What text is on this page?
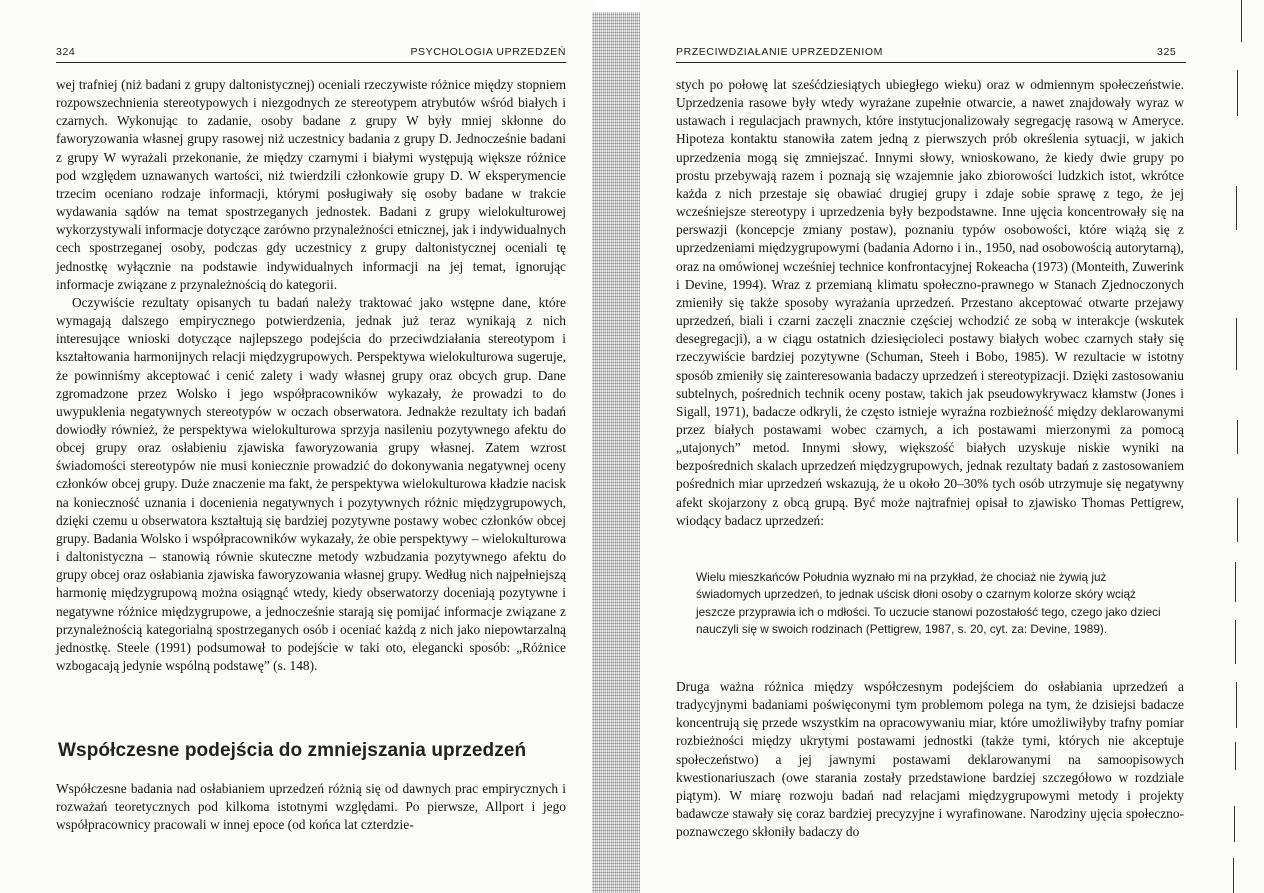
324	PSYCHOLOGIA UPRZEDZEŃ

wej trafniej (niż badani z grupy daltonistycznej) oceniali rzeczywiste różnice między stopniem rozpowszechnienia stereotypowych i niezgodnych ze stereotypem atrybutów wśród białych i czarnych. Wykonując to zadanie, osoby badane z grupy W były mniej skłonne do faworyzowania własnej grupy rasowej niż uczestnicy badania z grupy D. Jednocześnie badani z grupy W wyrażali przekonanie, że między czarnymi i białymi występują większe różnice pod względem uznawanych wartości, niż twierdzili członkowie grupy D. W eksperymencie trzecim oceniano rodzaje informacji, którymi posługiwały się osoby badane w trakcie wydawania sądów na temat spostrzeganych jednostek. Badani z grupy wielokulturowej wykorzystywali informacje dotyczące zarówno przynależności etnicznej, jak i indywidualnych cech spostrzeganej osoby, podczas gdy uczestnicy z grupy daltonistycznej oceniali tę jednostkę wyłącznie na podstawie indywidualnych informacji na jej temat, ignorując informacje związane z przynależnością do kategorii.

Oczywiście rezultaty opisanych tu badań należy traktować jako wstępne dane, które wymagają dalszego empirycznego potwierdzenia, jednak już teraz wynikają z nich interesujące wnioski dotyczące najlepszego podejścia do przeciwdziałania stereotypom i kształtowania harmonijnych relacji międzygrupowych. Perspektywa wielokulturowa sugeruje, że powinniśmy akceptować i cenić zalety i wady własnej grupy oraz obcych grup. Dane zgromadzone przez Wolsko i jego współpracowników wykazały, że prowadzi to do uwypuklenia negatywnych stereotypów w oczach obserwatora. Jednakże rezultaty ich badań dowiodły również, że perspektywa wielokulturowa sprzyja nasileniu pozytywnego afektu do obcej grupy oraz osłabieniu zjawiska faworyzowania grupy własnej. Zatem wzrost świadomości stereotypów nie musi koniecznie prowadzić do dokonywania negatywnej oceny członków obcej grupy. Duże znaczenie ma fakt, że perspektywa wielokulturowa kładzie nacisk na konieczność uznania i docenienia negatywnych i pozytywnych różnic międzygrupowych, dzięki czemu u obserwatora kształtują się bardziej pozytywne postawy wobec członków obcej grupy. Badania Wolsko i współpracowników wykazały, że obie perspektywy – wielokulturowa i daltonistyczna – stanowią równie skuteczne metody wzbudzania pozytywnego afektu do grupy obcej oraz osłabiania zjawiska faworyzowania własnej grupy. Według nich najpełniejszą harmonię międzygrupową można osiągnąć wtedy, kiedy obserwatorzy doceniają pozytywne i negatywne różnice międzygrupowe, a jednocześnie starają się pomijać informacje związane z przynależnością kategorialną spostrzeganych osób i oceniać każdą z nich jako niepowtarzalną jednostkę. Steele (1991) podsumował to podejście w taki oto, elegancki sposób: „Różnice wzbogacają jedynie wspólną podstawę” (s. 148).

Współczesne podejścia do zmniejszania uprzedzeń

Współczesne badania nad osłabianiem uprzedzeń różnią się od dawnych prac empirycznych i rozważań teoretycznych pod kilkoma istotnymi względami. Po pierwsze, Allport i jego współpracownicy pracowali w innej epoce (od końca lat czterdzie-

PRZECIWDZIAŁANIE UPRZEDZENIOM	325

stych po połowę lat sześćdziesiątych ubiegłego wieku) oraz w odmiennym społeczeństwie. Uprzedzenia rasowe były wtedy wyrażane zupełnie otwarcie, a nawet znajdowały wyraz w ustawach i regulacjach prawnych, które instytucjonalizowały segregację rasową w Ameryce. Hipoteza kontaktu stanowiła zatem jedną z pierwszych prób określenia sytuacji, w jakich uprzedzenia mogą się zmniejszać. Innymi słowy, wnioskowano, że kiedy dwie grupy po prostu przebywają razem i poznają się wzajemnie jako zbiorowości ludzkich istot, wkrótce każda z nich przestaje się obawiać drugiej grupy i zdaje sobie sprawę z tego, że jej wcześniejsze stereotypy i uprzedzenia były bezpodstawne. Inne ujęcia koncentrowały się na perswazji (koncepcje zmiany postaw), poznaniu typów osobowości, które wiążą się z uprzedzeniami międzygrupowymi (badania Adorno i in., 1950, nad osobowością autorytarną), oraz na omówionej wcześniej technice konfrontacyjnej Rokeacha (1973) (Monteith, Zuwerink i Devine, 1994). Wraz z przemianą klimatu społeczno-prawnego w Stanach Zjednoczonych zmieniły się także sposoby wyrażania uprzedzeń. Przestano akceptować otwarte przejawy uprzedzeń, biali i czarni zaczęli znacznie częściej wchodzić ze sobą w interakcje (wskutek desegregacji), a w ciągu ostatnich dziesięcioleci postawy białych wobec czarnych stały się rzeczywiście bardziej pozytywne (Schuman, Steeh i Bobo, 1985). W rezultacie w istotny sposób zmieniły się zainteresowania badaczy uprzedzeń i stereotypizacji. Dzięki zastosowaniu subtelnych, pośrednich technik oceny postaw, takich jak pseudowykrywacz kłamstw (Jones i Sigall, 1971), badacze odkryli, że często istnieje wyraźna rozbieżność między deklarowanymi przez białych postawami wobec czarnych, a ich postawami mierzonymi za pomocą „utajonych” metod. Innymi słowy, większość białych uzyskuje niskie wyniki na bezpośrednich skalach uprzedzeń międzygrupowych, jednak rezultaty badań z zastosowaniem pośrednich miar uprzedzeń wskazują, że u około 20–30% tych osób utrzymuje się negatywny afekt skojarzony z obcą grupą. Być może najtrafniej opisał to zjawisko Thomas Pettigrew, wiodący badacz uprzedzeń:

Wielu mieszkańców Południa wyznało mi na przykład, że chociaż nie żywią już świadomych uprzedzeń, to jednak uścisk dłoni osoby o czarnym kolorze skóry wciąż jeszcze przyprawia ich o mdłości. To uczucie stanowi pozostałość tego, czego jako dzieci nauczyli się w swoich rodzinach (Pettigrew, 1987, s. 20, cyt. za: Devine, 1989).

Druga ważna różnica między współczesnym podejściem do osłabiania uprzedzeń a tradycyjnymi badaniami poświęconymi tym problemom polega na tym, że dzisiejsi badacze koncentrują się przede wszystkim na opracowywaniu miar, które umożliwiłyby trafny pomiar rozbieżności między ukrytymi postawami jednostki (także tymi, których nie akceptuje społeczeństwo) a jej jawnymi postawami deklarowanymi na samoopisowych kwestionariuszach (owe starania zostały przedstawione bardziej szczegółowo w rozdziale piątym). W miarę rozwoju badań nad relacjami międzygrupowymi metody i projekty badawcze stawały się coraz bardziej precyzyjne i wyrafinowane. Narodziny ujęcia społeczno-poznawczego skłoniły badaczy do
